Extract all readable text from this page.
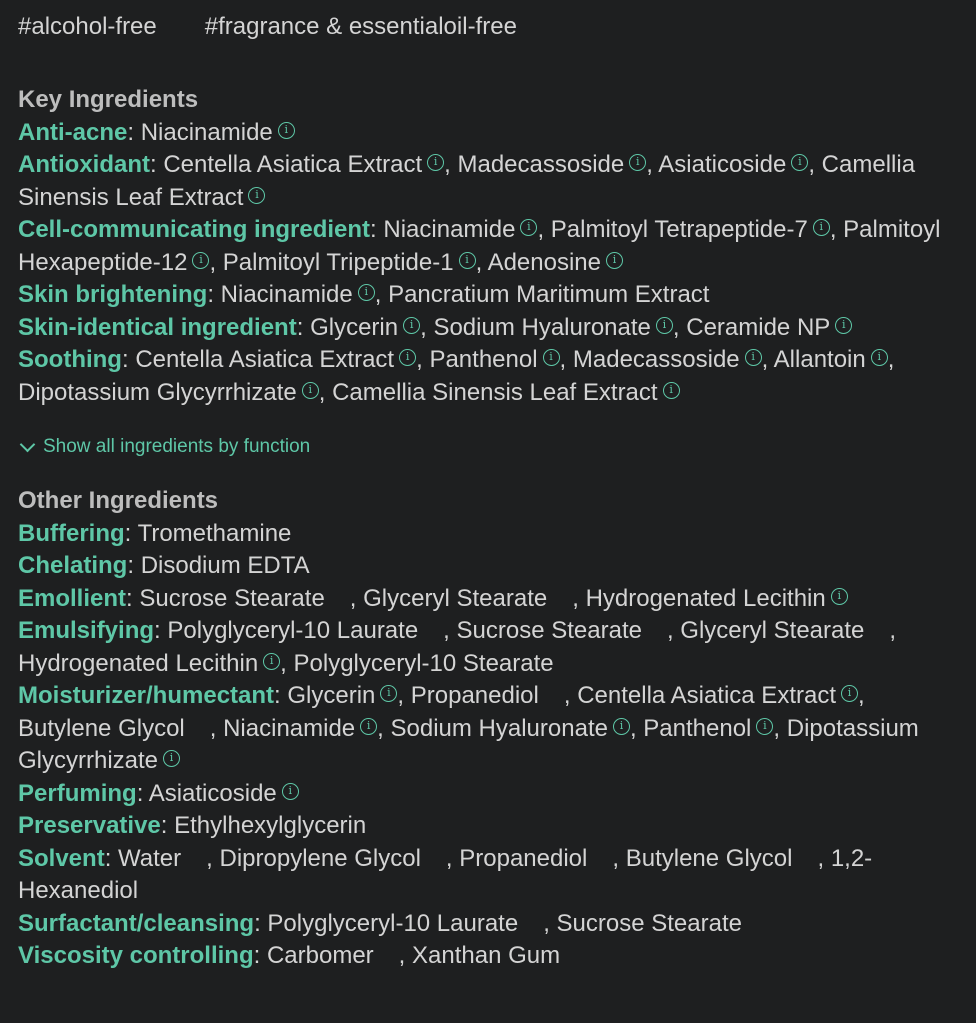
#alcohol-free #fragrance & essentialoil-free
Key Ingredients
Anti-acne: Niacinamidei
Antioxidant: Centella Asiatica Extract i , Madecassoside i , Asiaticoside i , Camellia Sinensis Leaf Extracti
Cell-communicating ingredient: Niacinamide i , Palmitoyl Tetrapeptide-7 i , Palmitoyl Hexapeptide-12 i , Palmitoyl Tripeptide-1 i , Adenosinei
Skin brightening: Niacinamide i , Pancratium Maritimum Extract
Skin-identical ingredient: Glycerin i , Sodium Hyaluronate i , Ceramide NPi
Soothing: Centella Asiatica Extract i , Panthenol i , Madecassoside i , Allantoini , Dipotassium Glycyrrhizate i , Camellia Sinensis Leaf Extracti
Show all ingredients by function
Other Ingredients
Buffering: Tromethamine
Chelating: Disodium EDTA
Emollient: Sucrose Stearate , Glyceryl Stearate , Hydrogenated Lecithini
Emulsifying: Polyglyceryl-10 Laurate , Sucrose Stearate , Glyceryl Stearate , Hydrogenated Lecithin i , Polyglyceryl-10 Stearate
Moisturizer/humectant: Glycerin i , Propanediol , Centella Asiatica Extract i , Butylene Glycol , Niacinamide i , Sodium Hyaluronate i , Panthenol i , Dipotassium Glycyrrhizatei
Perfuming: Asiaticosidei
Preservative: Ethylhexylglycerin
Solvent: Water , Dipropylene Glycol , Propanediol , Butylene Glycol , 1,2-Hexanediol
Surfactant/cleansing: Polyglyceryl-10 Laurate , Sucrose Stearate
Viscosity controlling: Carbomer , Xanthan Gum
